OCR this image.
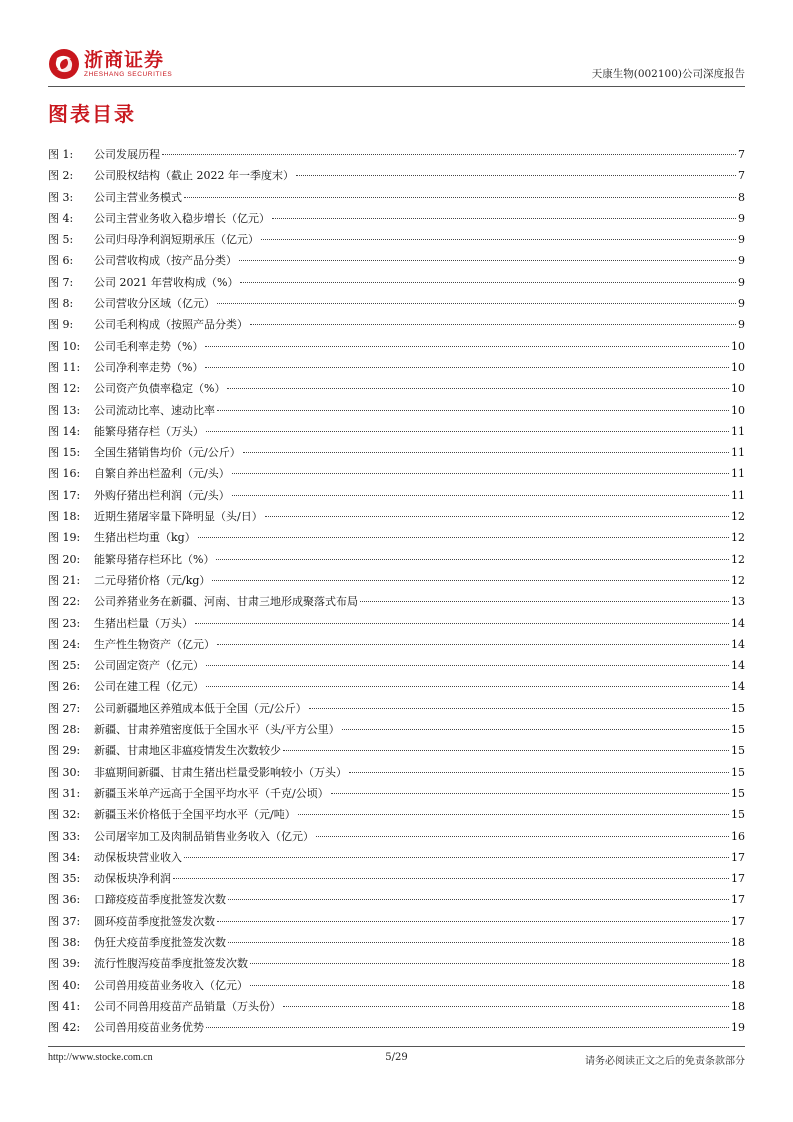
浙商证券
ZHESHANG SECURITIES	天康生物(002100)公司深度报告
图表目录
图 1:	公司发展历程	7
图 2:	公司股权结构（截止 2022 年一季度末）	7
图 3:	公司主营业务模式	8
图 4:	公司主营业务收入稳步增长（亿元）	9
图 5:	公司归母净利润短期承压（亿元）	9
图 6:	公司营收构成（按产品分类）	9
图 7:	公司 2021 年营收构成（%）	9
图 8:	公司营收分区域（亿元）	9
图 9:	公司毛利构成（按照产品分类）	9
图 10:	公司毛利率走势（%）	10
图 11:	公司净利率走势（%）	10
图 12:	公司资产负债率稳定（%）	10
图 13:	公司流动比率、速动比率	10
图 14:	能繁母猪存栏（万头）	11
图 15:	全国生猪销售均价（元/公斤）	11
图 16:	自繁自养出栏盈利（元/头）	11
图 17:	外购仔猪出栏利润（元/头）	11
图 18:	近期生猪屠宰量下降明显（头/日）	12
图 19:	生猪出栏均重（kg）	12
图 20:	能繁母猪存栏环比（%）	12
图 21:	二元母猪价格（元/kg）	12
图 22:	公司养猪业务在新疆、河南、甘肃三地形成聚落式布局	13
图 23:	生猪出栏量（万头）	14
图 24:	生产性生物资产（亿元）	14
图 25:	公司固定资产（亿元）	14
图 26:	公司在建工程（亿元）	14
图 27:	公司新疆地区养殖成本低于全国（元/公斤）	15
图 28:	新疆、甘肃养殖密度低于全国水平（头/平方公里）	15
图 29:	新疆、甘肃地区非瘟疫情发生次数较少	15
图 30:	非瘟期间新疆、甘肃生猪出栏量受影响较小（万头）	15
图 31:	新疆玉米单产远高于全国平均水平（千克/公顷）	15
图 32:	新疆玉米价格低于全国平均水平（元/吨）	15
图 33:	公司屠宰加工及肉制品销售业务收入（亿元）	16
图 34:	动保板块营业收入	17
图 35:	动保板块净利润	17
图 36:	口蹄疫疫苗季度批签发次数	17
图 37:	圆环疫苗季度批签发次数	17
图 38:	伪狂犬疫苗季度批签发次数	18
图 39:	流行性腹泻疫苗季度批签发次数	18
图 40:	公司兽用疫苗业务收入（亿元）	18
图 41:	公司不同兽用疫苗产品销量（万头份）	18
图 42:	公司兽用疫苗业务优势	19
http://www.stocke.com.cn	5/29	请务必阅读正文之后的免责条款部分
